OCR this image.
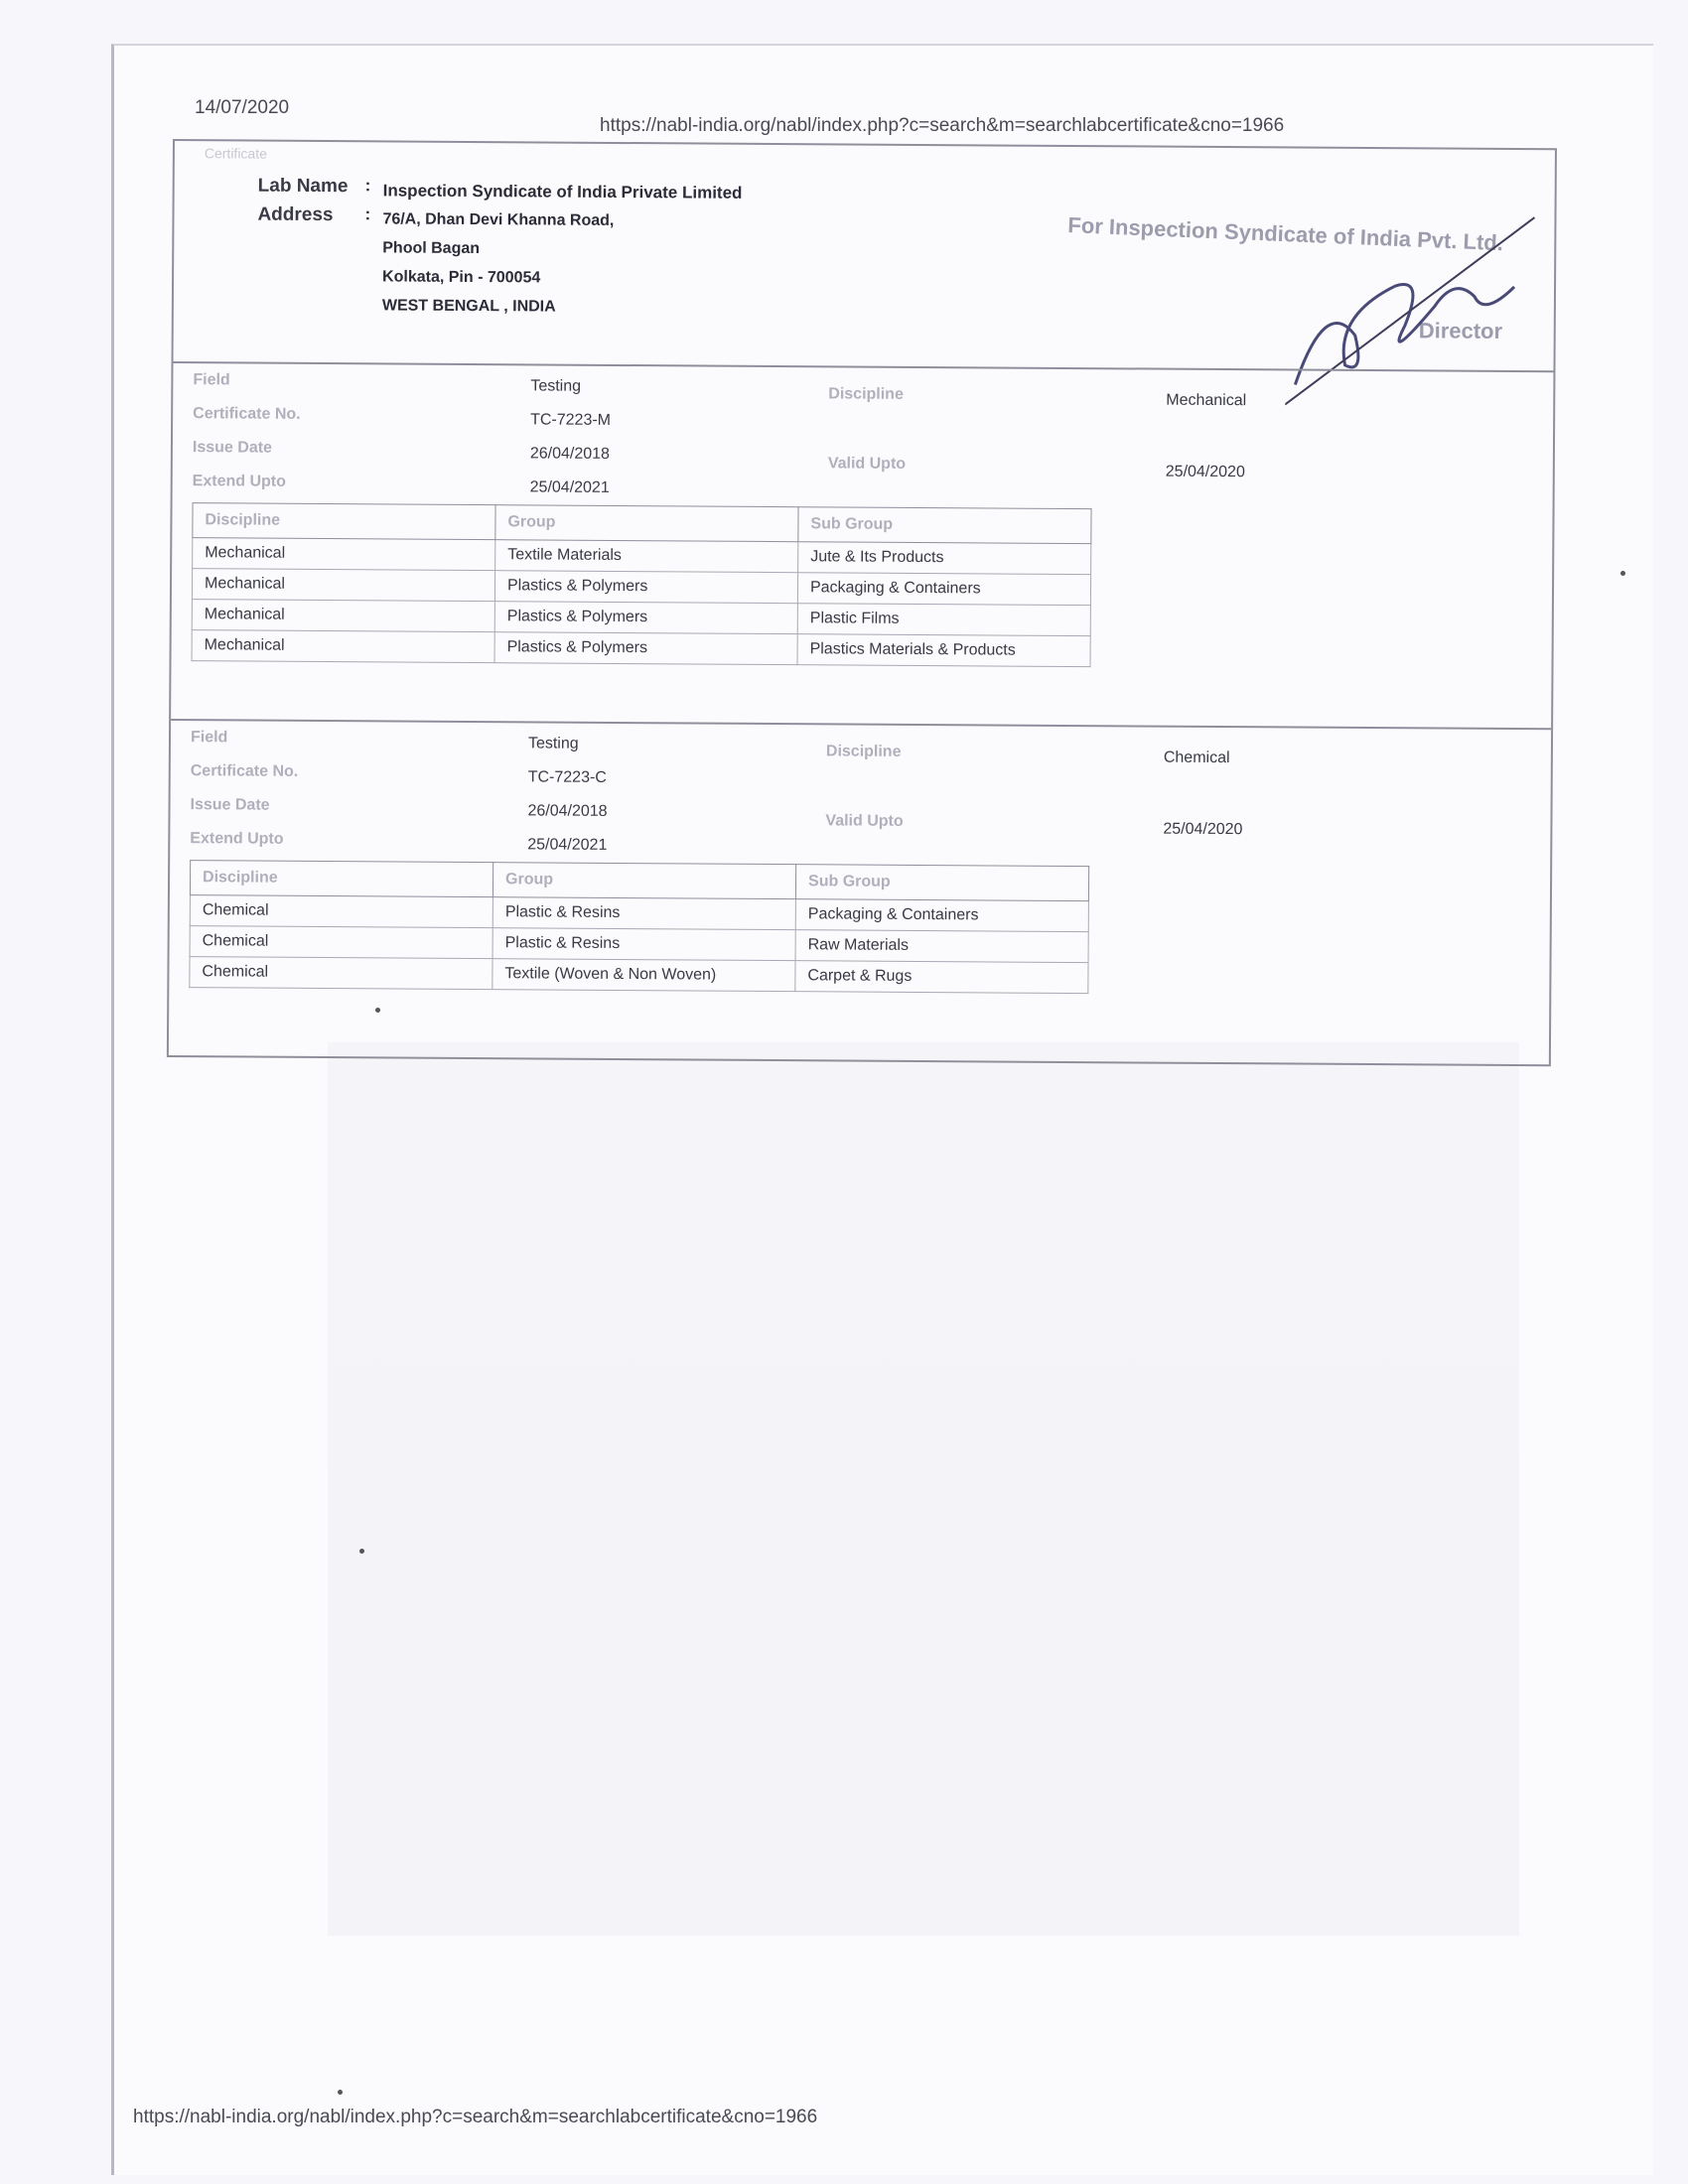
14/07/2020
https://nabl-india.org/nabl/index.php?c=search&m=searchlabcertificate&cno=1966
Certificate
Lab Name	: Inspection Syndicate of India Private Limited
Address	: 76/A, Dhan Devi Khanna Road,
Phool Bagan
Kolkata, Pin - 700054
WEST BENGAL , INDIA
For Inspection Syndicate of India Pvt. Ltd.
Director
Field	Testing	Discipline	Mechanical
Certificate No.	TC-7223-M
Issue Date	26/04/2018
Valid Upto	25/04/2020
Extend Upto	25/04/2021
Discipline	Group	Sub Group
Mechanical	Textile Materials	Jute & Its Products
Mechanical	Plastics & Polymers	Packaging & Containers
Mechanical	Plastics & Polymers	Plastic Films
Mechanical	Plastics & Polymers	Plastics Materials & Products
Field	Testing	Discipline	Chemical
Certificate No.	TC-7223-C
Issue Date	26/04/2018
Valid Upto	25/04/2020
Extend Upto	25/04/2021
Discipline	Group	Sub Group
Chemical	Plastic & Resins	Packaging & Containers
Chemical	Plastic & Resins	Raw Materials
Chemical	Textile (Woven & Non Woven)	Carpet & Rugs
https://nabl-india.org/nabl/index.php?c=search&m=searchlabcertificate&cno=1966
